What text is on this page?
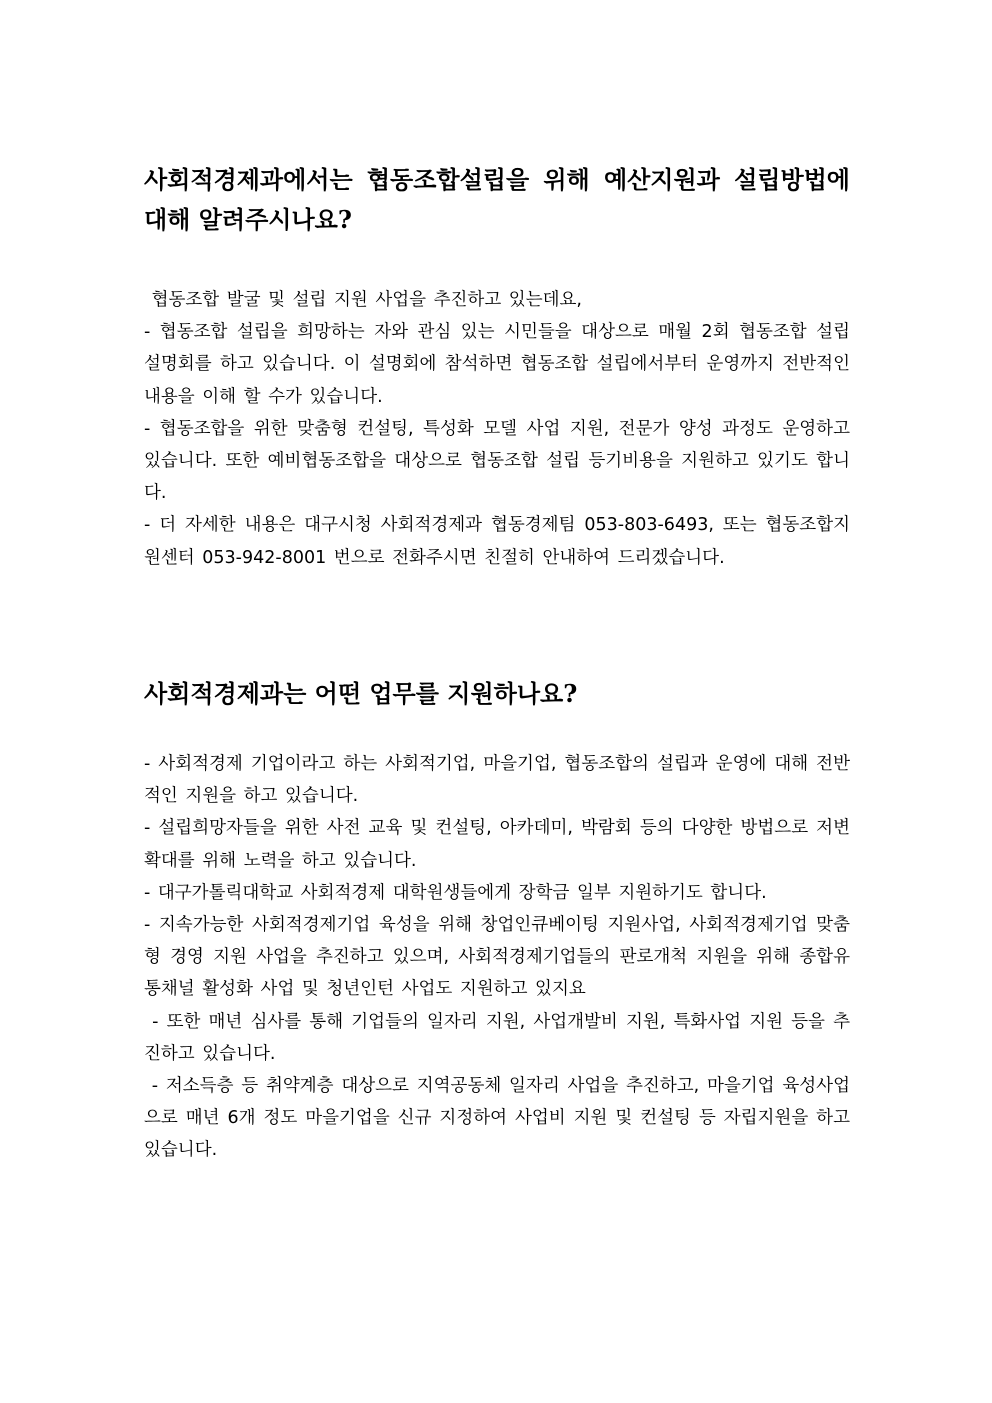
사회적경제과에서는 협동조합설립을 위해 예산지원과 설립방법에 대해 알려주시나요?

협동조합 발굴 및 설립 지원 사업을 추진하고 있는데요,

- 협동조합 설립을 희망하는 자와 관심 있는 시민들을 대상으로 매월 2회 협동조합 설립 설명회를 하고 있습니다. 이 설명회에 참석하면 협동조합 설립에서부터 운영까지 전반적인 내용을 이해 할 수가 있습니다.

- 협동조합을 위한 맞춤형 컨설팅, 특성화 모델 사업 지원, 전문가 양성 과정도 운영하고 있습니다. 또한 예비협동조합을 대상으로 협동조합 설립 등기비용을 지원하고 있기도 합니다.

- 더 자세한 내용은 대구시청 사회적경제과 협동경제팀 053-803-6493, 또는 협동조합지원센터 053-942-8001 번으로 전화주시면 친절히 안내하여 드리겠습니다.

사회적경제과는 어떤 업무를 지원하나요?

- 사회적경제 기업이라고 하는 사회적기업, 마을기업, 협동조합의 설립과 운영에 대해 전반적인 지원을 하고 있습니다.

- 설립희망자들을 위한 사전 교육 및 컨설팅, 아카데미, 박람회 등의 다양한 방법으로 저변확대를 위해 노력을 하고 있습니다.

- 대구가톨릭대학교 사회적경제 대학원생들에게 장학금 일부 지원하기도 합니다.

- 지속가능한 사회적경제기업 육성을 위해 창업인큐베이팅 지원사업, 사회적경제기업 맞춤형 경영 지원 사업을 추진하고 있으며, 사회적경제기업들의 판로개척 지원을 위해 종합유통채널 활성화 사업 및 청년인턴 사업도 지원하고 있지요

- 또한 매년 심사를 통해 기업들의 일자리 지원, 사업개발비 지원, 특화사업 지원 등을 추진하고 있습니다.

- 저소득층 등 취약계층 대상으로 지역공동체 일자리 사업을 추진하고, 마을기업 육성사업으로 매년 6개 정도 마을기업을 신규 지정하여 사업비 지원 및 컨설팅 등 자립지원을 하고 있습니다.
